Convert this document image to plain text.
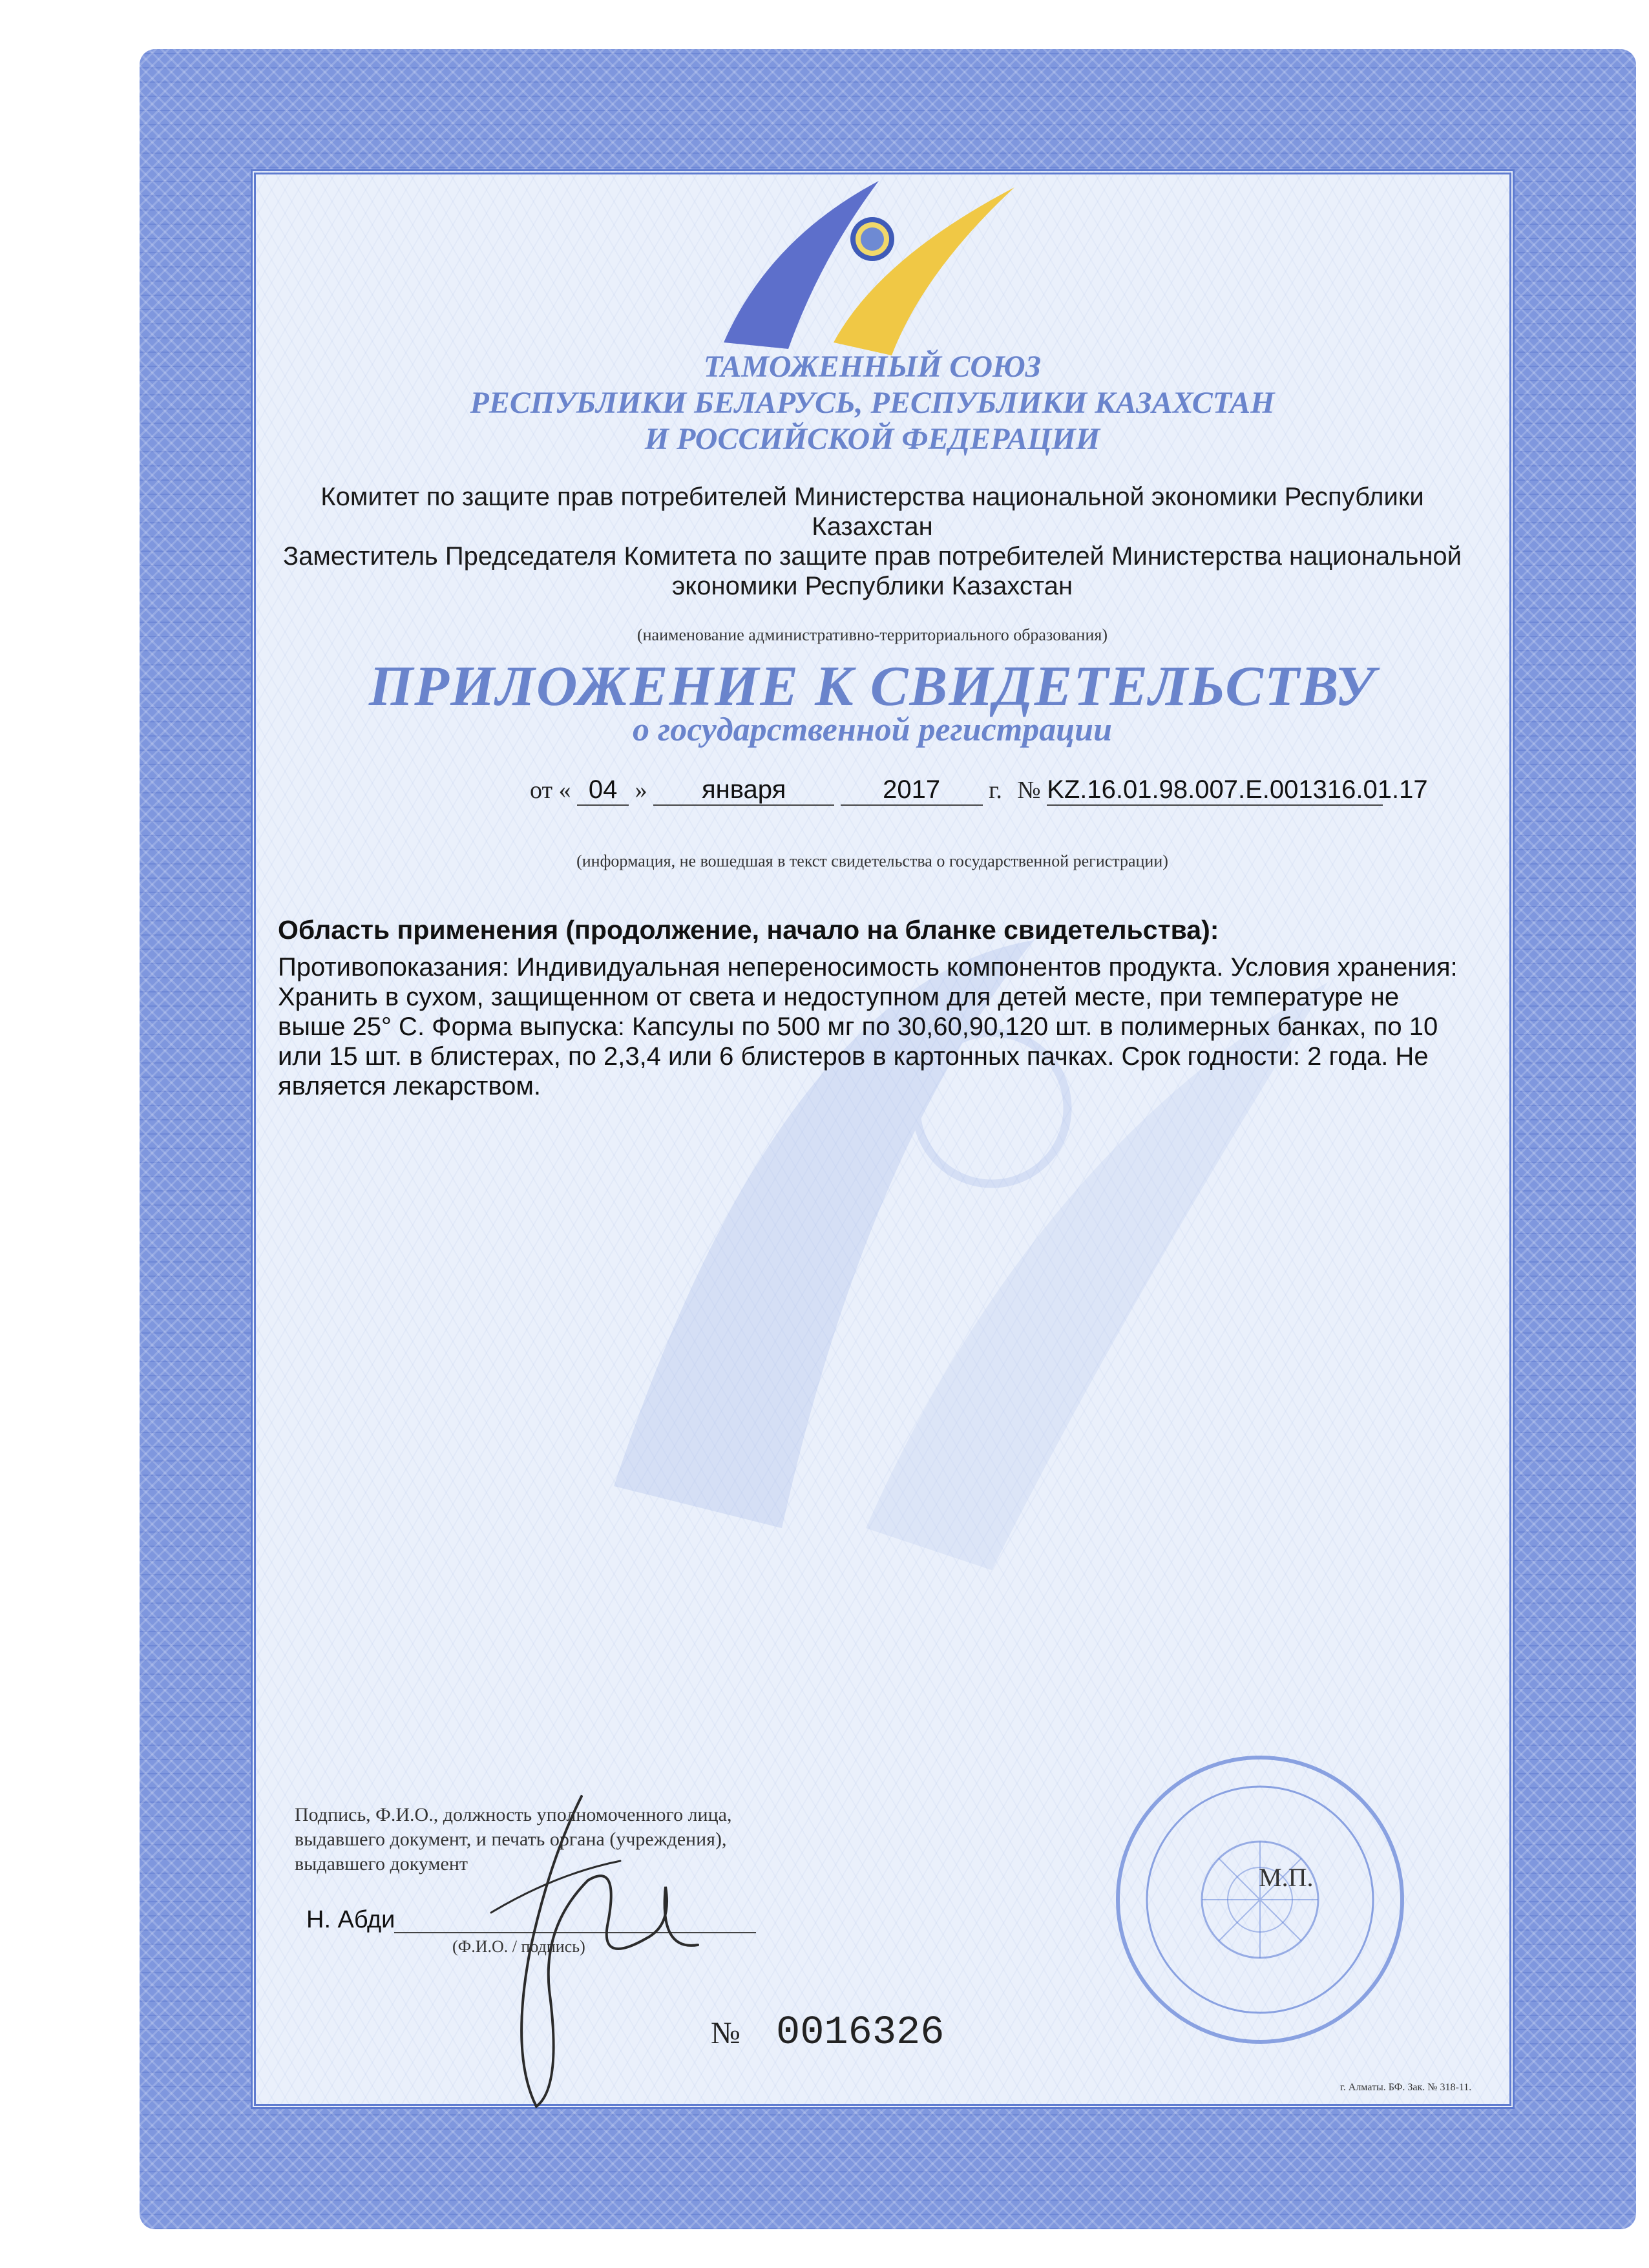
ТАМОЖЕННЫЙ СОЮЗ
РЕСПУБЛИКИ БЕЛАРУСЬ, РЕСПУБЛИКИ КАЗАХСТАН
И РОССИЙСКОЙ ФЕДЕРАЦИИ
Комитет по защите прав потребителей Министерства национальной экономики Республики
Казахстан
Заместитель Председателя Комитета по защите прав потребителей Министерства национальной
экономики Республики Казахстан
(наименование административно-территориального образования)
ПРИЛОЖЕНИЕ К СВИДЕТЕЛЬСТВУ
о государственной регистрации
от « 04 » января	2017 г. № KZ.16.01.98.007.E.001316.01.17
(информация, не вошедшая в текст свидетельства о государственной регистрации)
Область применения (продолжение, начало на бланке свидетельства):
Противопоказания: Индивидуальная непереносимость компонентов продукта. Условия хранения:
Хранить в сухом, защищенном от света и недоступном для детей месте, при температуре не
выше 25° С. Форма выпуска: Капсулы по 500 мг по 30,60,90,120 шт. в полимерных банках, по 10
или 15 шт. в блистерах, по 2,3,4 или 6 блистеров в картонных пачках. Срок годности: 2 года. Не
является лекарством.
Подпись, Ф.И.О., должность уполномоченного лица,
выдавшего документ, и печать органа (учреждения),
выдавшего документ
Н. Абди
(Ф.И.О. / подпись)
М.П.
№ 0016326
г. Алматы. БФ. Зак. № 318-11.
